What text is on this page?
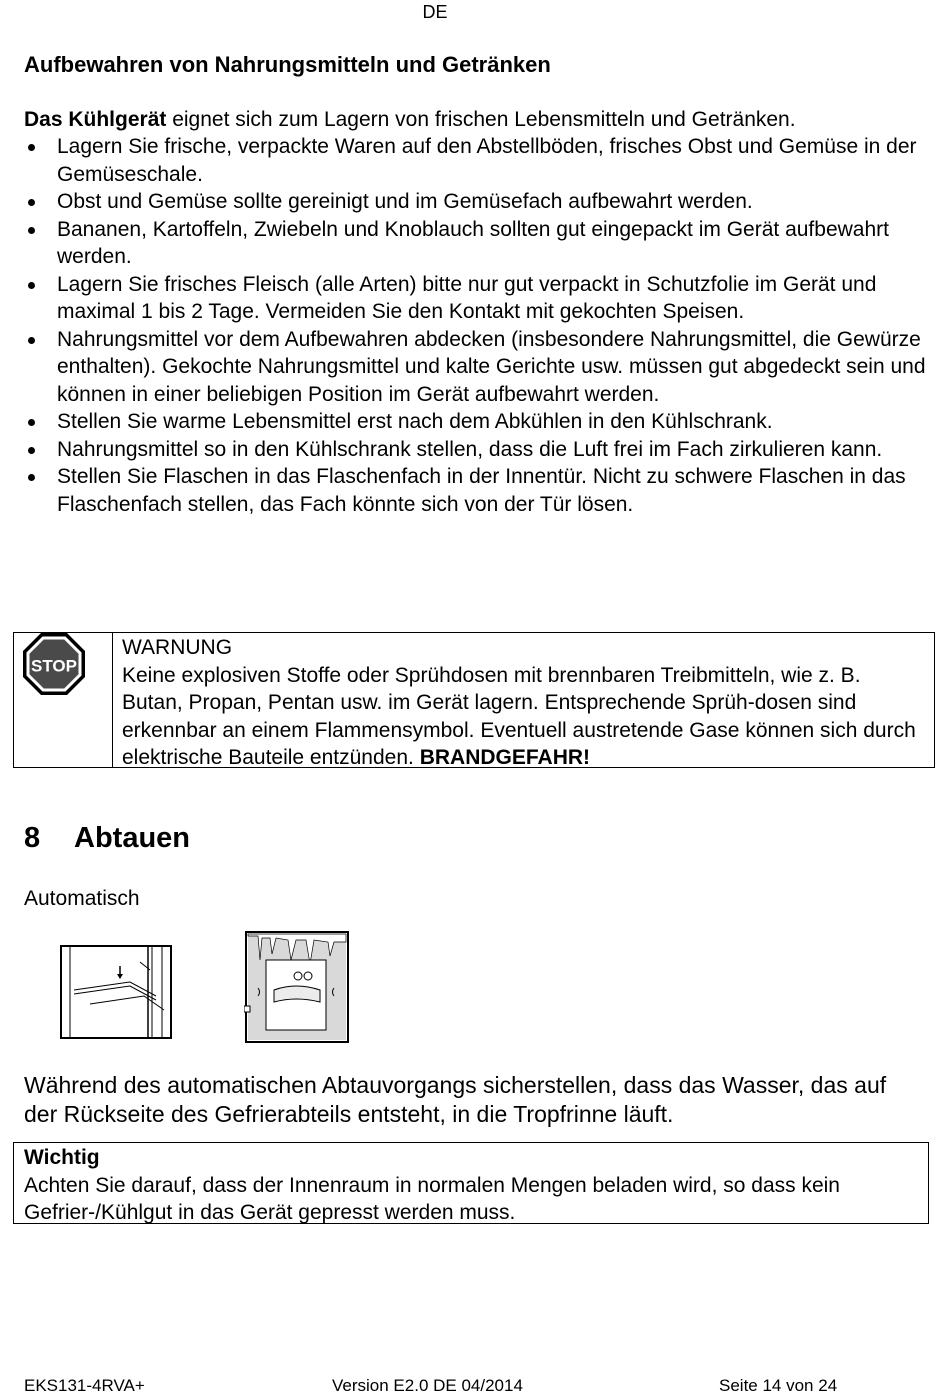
DE
Aufbewahren von Nahrungsmitteln und Getränken
Das Kühlgerät eignet sich zum Lagern von frischen Lebensmitteln und Getränken.
Lagern Sie frische, verpackte Waren auf den Abstellböden, frisches Obst und Gemüse in der Gemüseschale.
Obst und Gemüse sollte gereinigt und im Gemüsefach aufbewahrt werden.
Bananen, Kartoffeln, Zwiebeln und Knoblauch sollten gut eingepackt im Gerät aufbewahrt werden.
Lagern Sie frisches Fleisch (alle Arten) bitte nur gut verpackt in Schutzfolie im Gerät und maximal 1 bis 2 Tage. Vermeiden Sie den Kontakt mit gekochten Speisen.
Nahrungsmittel vor dem Aufbewahren abdecken (insbesondere Nahrungsmittel, die Gewürze enthalten). Gekochte Nahrungsmittel und kalte Gerichte usw. müssen gut abgedeckt sein und können in einer beliebigen Position im Gerät aufbewahrt werden.
Stellen Sie warme Lebensmittel erst nach dem Abkühlen in den Kühlschrank.
Nahrungsmittel so in den Kühlschrank stellen, dass die Luft frei im Fach zirkulieren kann.
Stellen Sie Flaschen in das Flaschenfach in der Innentür. Nicht zu schwere Flaschen in das Flaschenfach stellen, das Fach könnte sich von der Tür lösen.
STOP
WARNUNG
Keine explosiven Stoffe oder Sprühdosen mit brennbaren Treibmitteln, wie z. B. Butan, Propan, Pentan usw. im Gerät lagern. Entsprechende Sprüh-dosen sind erkennbar an einem Flammensymbol. Eventuell austretende Gase können sich durch elektrische Bauteile entzünden. BRANDGEFAHR!
8 Abtauen
Automatisch
Während des automatischen Abtauvorgangs sicherstellen, dass das Wasser, das auf der Rückseite des Gefrierabteils entsteht, in die Tropfrinne läuft.
Wichtig
Achten Sie darauf, dass der Innenraum in normalen Mengen beladen wird, so dass kein Gefrier-/Kühlgut in das Gerät gepresst werden muss.
EKS131-4RVA+	Version E2.0 DE 04/2014	Seite 14 von 24
